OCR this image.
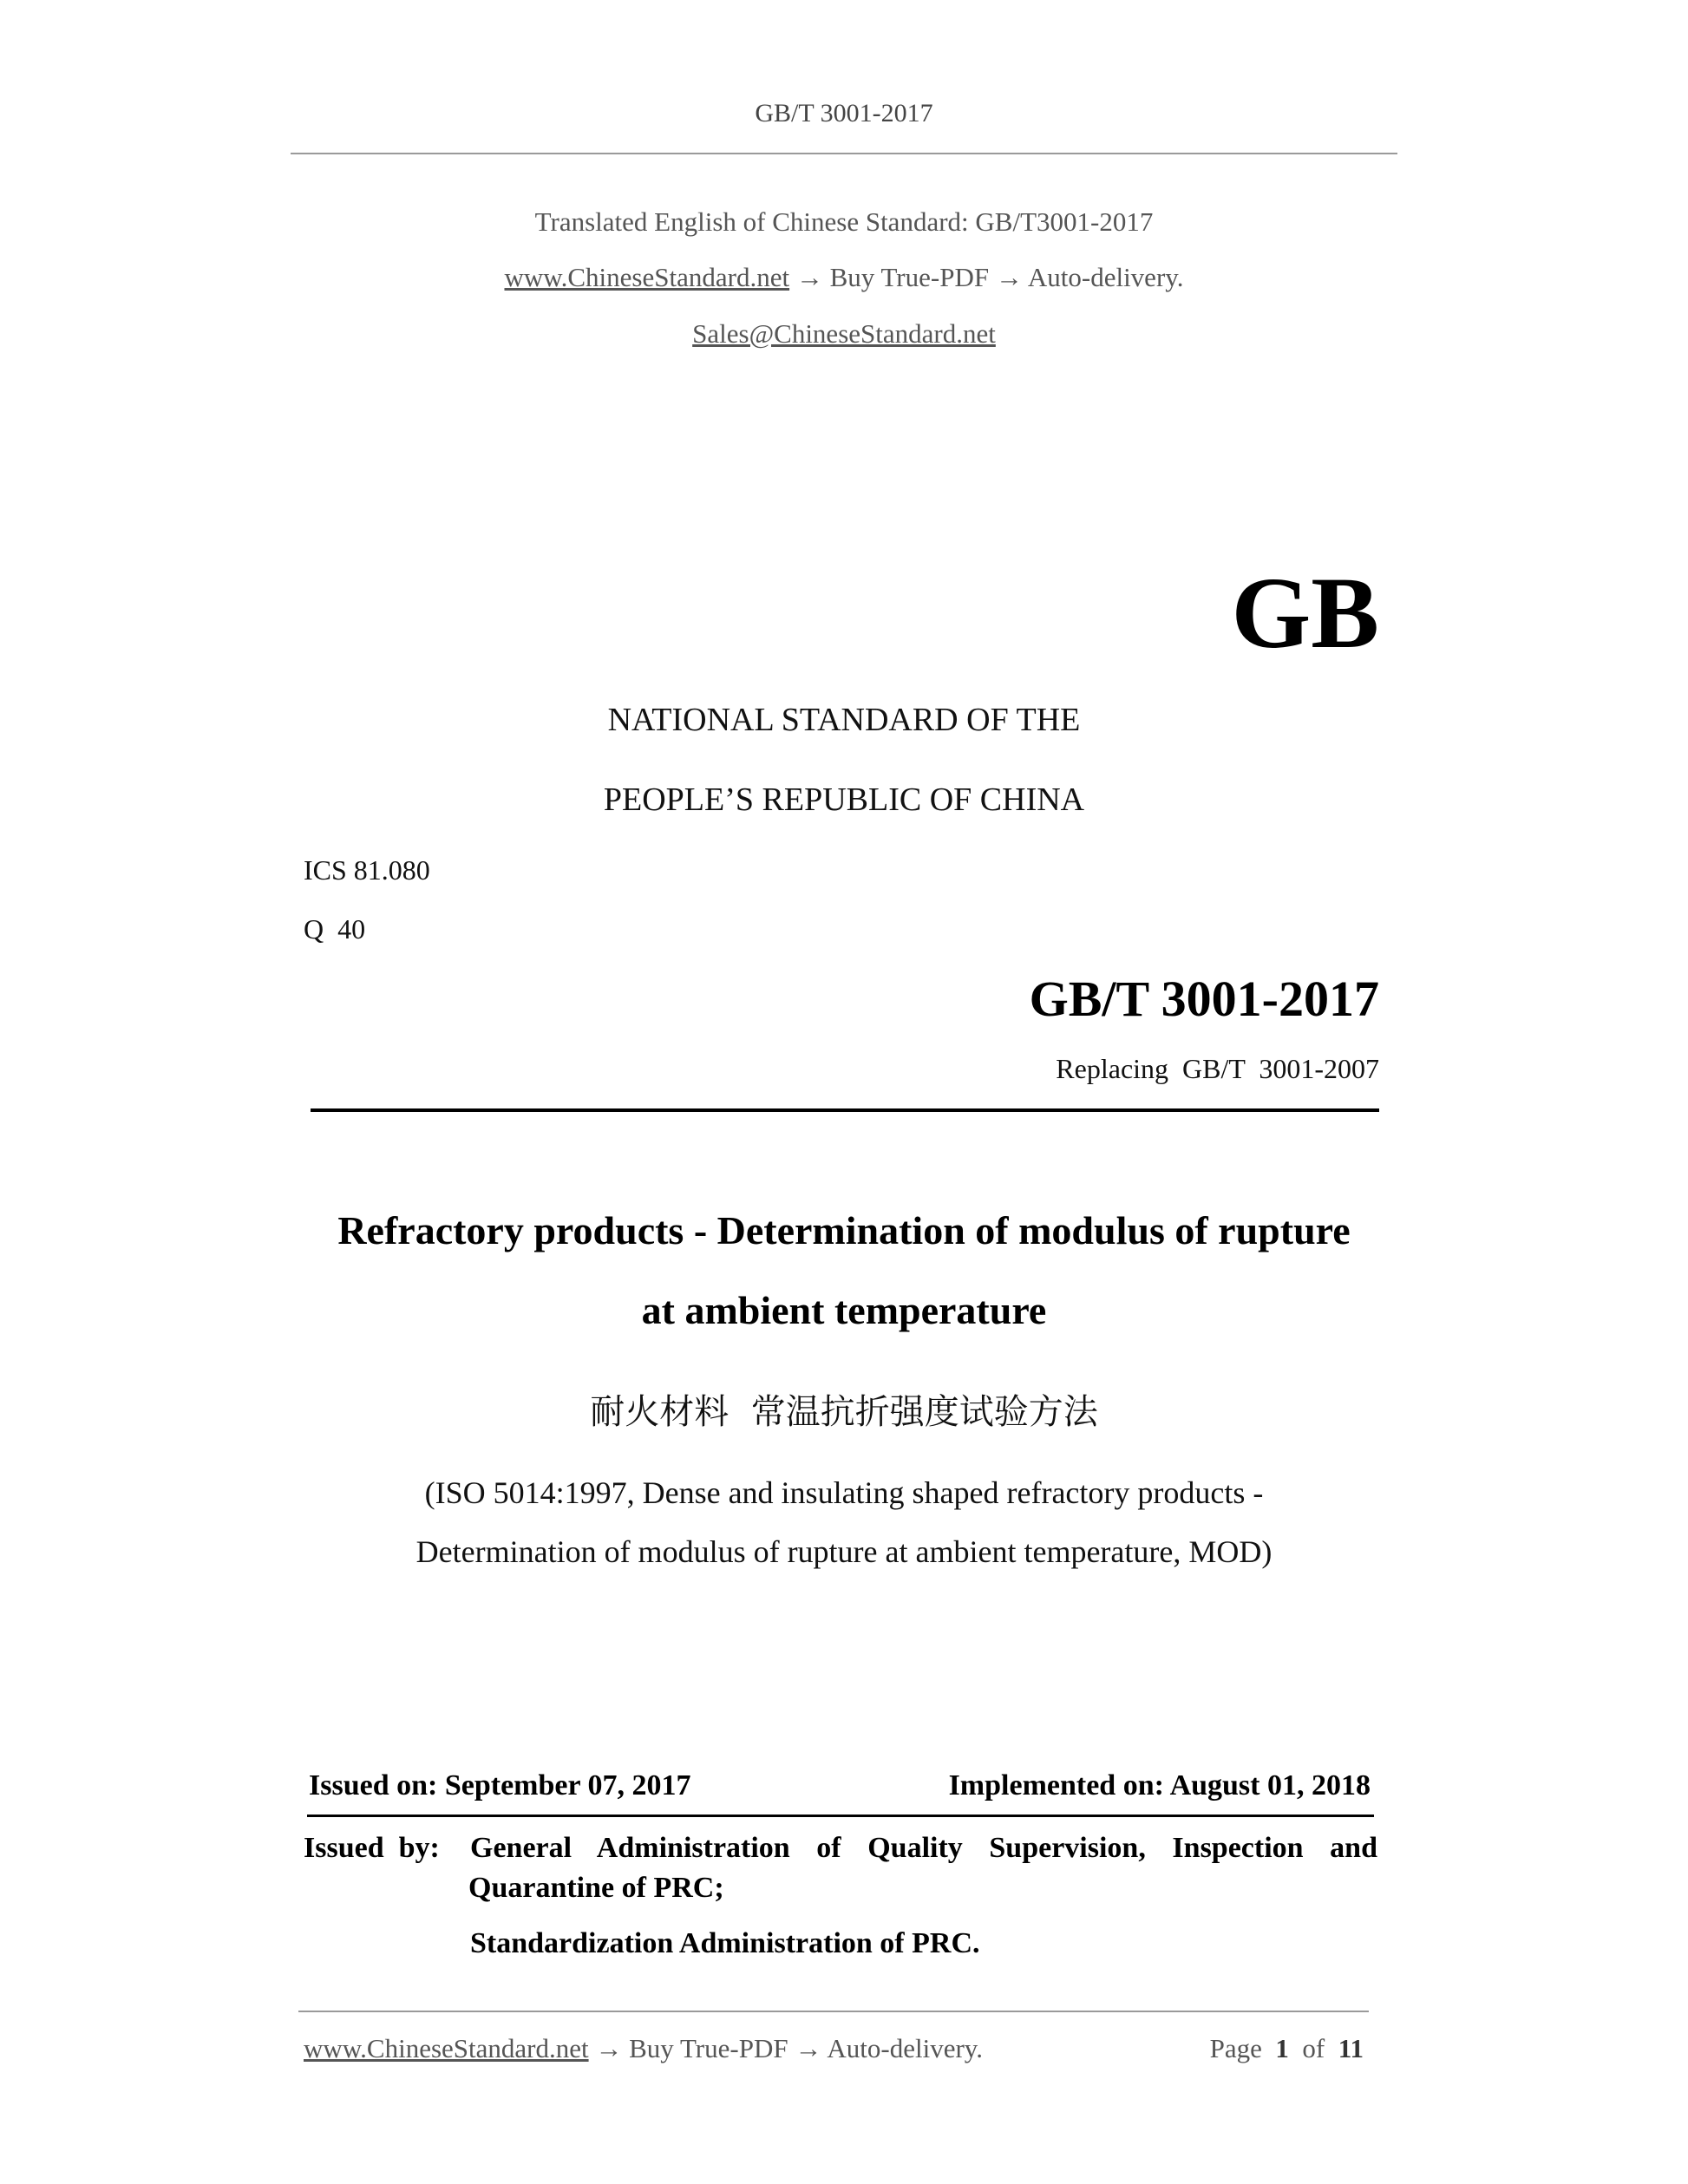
GB/T 3001-2017
Translated English of Chinese Standard: GB/T3001-2017
www.ChineseStandard.net → Buy True-PDF → Auto-delivery.
Sales@ChineseStandard.net
GB
NATIONAL STANDARD OF THE
PEOPLE’S REPUBLIC OF CHINA
ICS 81.080
Q  40
GB/T 3001-2017
Replacing  GB/T  3001-2007
Refractory products - Determination of modulus of rupture
at ambient temperature
耐火材料  常温抗折强度试验方法
(ISO 5014:1997, Dense and insulating shaped refractory products -
Determination of modulus of rupture at ambient temperature, MOD)
Issued on: September 07, 2017	Implemented on: August 01, 2018
Issued  by: General Administration of Quality Supervision, Inspection and
Quarantine of PRC;
Standardization Administration of PRC.
www.ChineseStandard.net → Buy True-PDF → Auto-delivery.	Page 1 of 11
